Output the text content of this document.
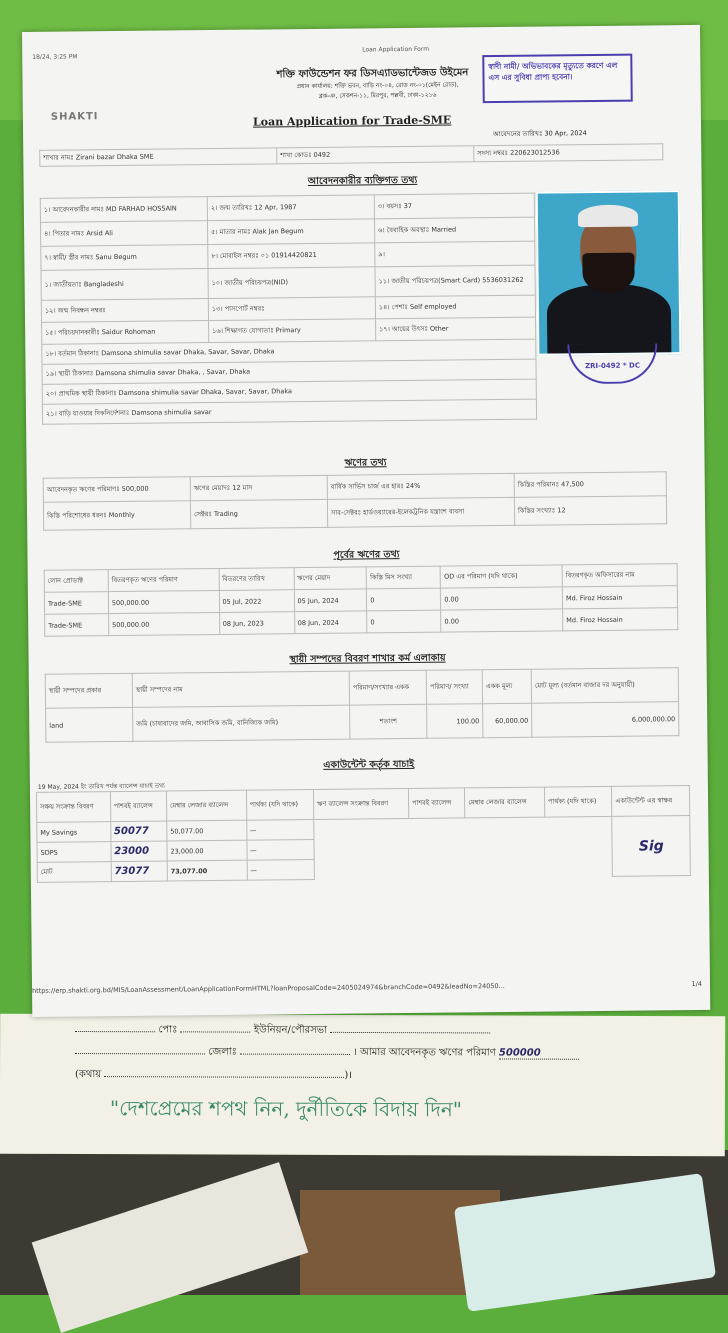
পোঃ	ইউনিয়ন/পৌরসভা
জেলাঃ	। আমার আবেদনকৃত ঋণের পরিমাণ 500000
(কথায়	)।
"দেশপ্রেমের শপথ নিন, দুর্নীতিকে বিদায় দিন"
18/24, 3:25 PM
Loan Application Form
শক্তি ফাউন্ডেশন ফর ডিসএ্যাডভান্টেজড উইমেন
প্রধান কার্যালয়: শক্তি ভবন, বাড়ি নং-০৪, রোড নং-০১(মেইন রোড),
ব্লক-ঞ, সেকশন-১১, মিরপুর, পল্লবী, ঢাকা-১২১৬
স্বাদী নামী/ অভিভাবকের মৃত্যুতে করণে এল এস এর সুবিধা প্রাপ্য হবেনা।
SHAKTI	Loan Application for Trade-SME
আবেদনের তারিখঃ 30 Apr, 2024
শাখার নামঃ Zirani bazar Dhaka SME	শাখা কোডঃ 0492	সদস্য নম্বরঃ 220623012536
আবেদনকারীর ব্যক্তিগত তথ্য
১। আবেদনকারীর নামঃ MD FARHAD HOSSAIN	২। জন্ম তারিখঃ 12 Apr, 1987	৩। বয়সঃ 37
৪। পিতার নামঃ Arsid Ali	৫। মাতার নামঃ Alak Jan Begum	৬। বৈবাহিক অবস্থাঃ Married
৭। স্বামী/ স্ত্রীর নামঃ Sanu Begum	৮। মোবাইল নম্বরঃ ০১ 01914420821	৯।
১। জাতীয়তাঃ Bangladeshi	১০। জাতীয় পরিচয়পত্র(NID)	১১। জাতীয় পরিচয়পত্র(Smart Card) 5536031262
১২। জন্ম নিবন্ধন নম্বরঃ	১৩। পাসপোর্ট নম্বরঃ	১৪। পেশাঃ Self employed
১৫। পরিচয়দানকারীঃ Saidur Rohoman	১৬। শিক্ষাগত যোগ্যতাঃ Primary	১৭। আয়ের উৎসঃ Other
১৮। বর্তমান ঠিকানাঃ Damsona shimulia savar Dhaka, Savar, Savar, Dhaka		
১৯। স্থায়ী ঠিকানাঃ Damsona shimulia savar Dhaka, , Savar, Dhaka		
২০। প্রাথমিক স্থায়ী ঠিকানাঃ Damsona shimulia savar Dhaka, Savar, Savar, Dhaka		
২১। বাড়ি যাওয়ার দিকনির্দেশনাঃ Damsona shimulia savar		
ZRI-0492 * DC
ঋণের তথ্য
আবেদনকৃত ঋণের পরিমাণঃ 500,000	ঋণের মেয়াদঃ 12 মাস	বার্ষিক সার্ভিস চার্জ এর হারঃ 24%	কিস্তির পরিমানঃ 47,500
কিস্তি পরিশোধের ধরনঃ Monthly	সেক্টরঃ Trading	সাব-সেক্টরঃ হার্ডওয়্যারের-ইলেকট্রনিক যন্ত্রাংশ ব্যবসা	কিস্তির সংখ্যাঃ 12
পূর্বের ঋণের তথ্য
লোন প্রোডাক্ট	বিতরণকৃত ঋণের পরিমাণ	বিতরণের তারিখ	ঋণের মেয়াদ	কিস্তি মিস সংখ্যা	OD এর পরিমাণ (যদি থাকে)	বিতরণকৃত অফিসারের নাম
Trade-SME	500,000.00	05 Jul, 2022	05 Jun, 2024	0	0.00	Md. Firoz Hossain
Trade-SME	500,000.00	08 Jun, 2023	08 Jun, 2024	0	0.00	Md. Firoz Hossain
স্থায়ী সম্পদের বিবরণ শাখার কর্ম এলাকায়
স্থায়ী সম্পদের প্রকার	স্থায়ী সম্পদের নাম	পরিমাণ/সংখ্যার একক	পরিমাণ/ সংখ্যা	একক মূল্য	মোট মূল্য (বর্তমান বাজার দর অনুযায়ী)
land	জমি (চাষাবাদের জমি, আবাসিক জমি, বানিজ্যিক জমি)	শতাংশ	100.00	60,000.00	6,000,000.00
একাউন্টেন্ট কর্তৃক যাচাই
19 May, 2024 ইং তারিখ পর্যন্ত ব্যালেন্স যাচাই তথ্য
সঞ্চয় সংক্রান্ত বিবরণ	পাশবই ব্যালেন্স	মেম্বার লেজার ব্যালেন্স	পার্থক্য (যদি থাকে)	ঋণ ব্যালেন্স সংক্রান্ত বিবরণ	পাশবই ব্যালেন্স	মেম্বার লেজার ব্যালেন্স	পার্থক্য (যদি থাকে)	একাউন্টেন্ট এর স্বাক্ষর
My Savings	50077	50,077.00	—					Sig
SDPS	23000	23,000.00	—					
মোট	73077	73,077.00	—					
https://erp.shakti.org.bd/MIS/LoanAssessment/LoanApplicationFormHTML?loanProposalCode=2405024974&branchCode=0492&leadNo=24050...	1/4
